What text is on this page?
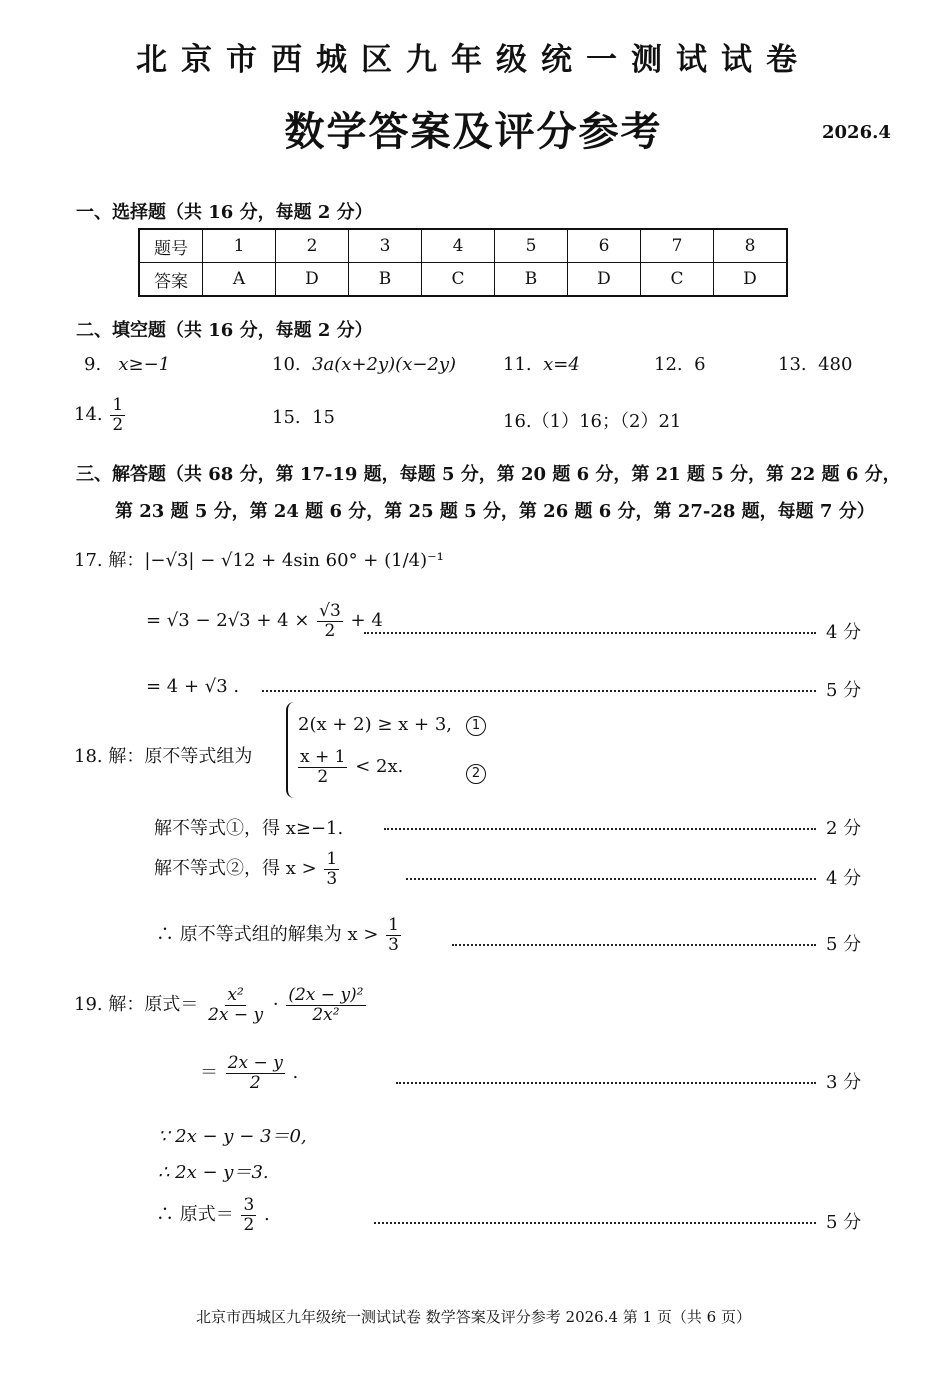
北京市西城区九年级统一测试试卷
数学答案及评分参考	2026.4
一、选择题（共 16 分，每题 2 分）
题号	1	2	3	4	5	6	7	8
答案	A	D	B	C	B	D	C	D
二、填空题（共 16 分，每题 2 分）
9. x≥−1	10. 3a(x+2y)(x−2y)	11. x=4	12. 6	13. 480
14. $\frac{1}{2}$	15. 15	16.（1）16；（2）21
三、解答题（共 68 分，第 17-19 题，每题 5 分，第 20 题 6 分，第 21 题 5 分，第 22 题 6 分，
第 23 题 5 分，第 24 题 6 分，第 25 题 5 分，第 26 题 6 分，第 27-28 题，每题 7 分）
17. 解：|−√3| − √12 + 4sin 60° + (1/4)⁻¹
= $√3 - 2√3 + 4 \times \frac{√3}{2} + 4$
4 分
= 4 + √3 .	5 分
18. 解：原不等式组为
2(x + 2) ≥ x + 3,	1
$\frac{x + 1}{2} < 2x$.	2
解不等式①，得 x≥−1.	2 分
解不等式②，得 $x > \frac{1}{3}$	4 分
∴ 原不等式组的解集为 $x > \frac{1}{3}$	5 分
19. 解：原式＝ $\frac{\text{x²}}{2x - y} \cdot \frac{\text{(2x − y)²}}{\text{2x²}}$
＝ $\frac{2x - y}{2}$ .	3 分
∵ 2x − y − 3＝0,
∴ 2x − y＝3.
∴ 原式＝ $\frac{3}{2}$ .	5 分
北京市西城区九年级统一测试试卷 数学答案及评分参考 2026.4 第 1 页（共 6 页）
